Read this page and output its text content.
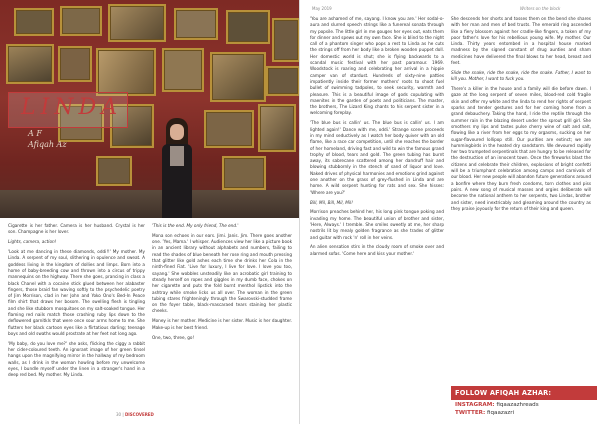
LINDA
A F
Afiqah Az

Cigarette is her father. Camera is her husband. Crystal is her son. Champagne is her lover.

Lights, camera, action!

'Look at me dancing in these diamonds, oddi!!' My mother. My Linda. A serpent of my soul, slithering in opulence and sweat. A goddess living in the kingdom of dollies and limps. Born into a home of baby-breeding cow and thrown into a circus of trippy mannequins on the highway. There she goes, prancing in class a black Chanel with a cocaine stick glued between her alabaster fingers, those braid fan waving softly to the psychedelic poetry of Jim Morrison, clad in her John and Yoko Ono's Bed-In Peace film shirt that draws her bosom. The swelling flesh is tingling and she like stubborn mosquitoes on my salt-soaked tongue. Her flaming red nails match those crashing ruby lips down to the deflowered garnitkls that were once sour arms home to me. She flutters her black cartoon eyes like a flirtatious darling; teenage boys and old swaths would prostrate at her feet not long ago.

'My baby, do you love me?' she asks, flicking the ciggy a rabbit her cider-coloured teeth. An ignorant image of her green tinsel hangs upon the magnifying mirror in the hallway of my bedroom walls, as I drink in the woman howling before my unwelcome eyes, I bundle myself under the linen in a stranger's hand in a deep red bed. My mother. My Linda.

'This is the end. My only friend, The end.'

Mona son echoes in our ears. Jimi. Janis. Jim. There goes another one. 'Yes, Mama.' I whisper. Audiences view her like a picture book in an ancient library without alphabets and numbers, failing to read the shades of blue beneath her rose ring and mouth pressing that glitter like gold ashes each time she drinks her Cola in the ninth-fined Fiat. 'Live for luxury, I live for love. I love you too, sayang.' She wobbles unsteadily like an acrobatic girl training to steady herself on ropes and giggles in my dumb face, chokes on her cigarette and puts the fold burnt menthol lipstick into the ashtray while smoke licks us all over. The woman in the green tubing stares frighteningly through the Swarovski-studded frame on the foyer table, black-mascaraed tears staining her plastic cheeks.

Money is her mother. Medicine is her sister. Music is her daughter. Make-up is her best friend.

One, two, three, go!

30 | DISCOVERED
May 2019	Writers on the block

'You are ashamed of me, sayang. I know you are.' Her sodal-o-aura and slurred speech strings like a funereal sonata through my popsile. The little girl in me gouges her eyes out, eats them for dinner and spews out my own face. She is blind to the night call of a phantom singer who pops a rest to Linda as he cuts the strings off from her body like a broken wooden puppet doll. Her domestic world is shut; she is flying backwards to a scandal music festival with her past paramour. 1969. Woodstock is roaring and celebrating her arrival in a hippie camper van of stardust. Hundreds of sixty-nine patties impatiently inside their former mothers' roots to shoot fuel bullet of swimming tadpoles, to seek security, warmth and pleasure. This is a beautiful image of gods copulating with maenites in the garden of poets and politicians. The master, the brothers, The Lizard King chants to his serpent sister in a welcoming foreplay.

'The blue bus is callin' us. The blue bus is callin' us. I am lighted again!' Dance with me, oddi.' Strange scene proceeds in my mind seductively as I watch her body quiver with an old flame, like a race car competition, until she reaches the border of her homeland, driving fast and wild to win the famous grand trophy of blood, tears and gold. The green tubing has burnt away, its sabrecane scattered among her dandruff hair and blowing stubbornly in the stench of sand of liquor and love. Naked drives of physical harmonies and emotions grind against one another on the grass of grey-flushed in Linda and are home. A wild serpent hunting for rats and sex. She hisses: 'Where are you?'

Bill, Mil, Bill, Mil, Mil!

Morrison preaches behind her, his long pink tongue poking and invading my home. The beautiful union of brother and sister, 'Here, Always.' I tremble. She smiles sweetly at me, her sharp nostrils lit by mealy golden fragrance as she trades of glitter and guitar with rock 'n' roll in her veins.

An alien sensation stirs in the cloudy room of smoke over and alarmed sofas. 'Come here and kiss your mother.'

She descends her shorts and tosses them on the bend she shares with her man and men of bed trusts. The emerald ring ascended like a fiery blossom against her cradle-like fingers, a token of my poor father's love for his rebellious young wife. My mother. Our Linda. Thirty years entombed in a hospital house marked madness by the signed constant of drug aunties and sham medicines have delivered the final blows to her head, breast and feet.

Slide the snake, ride the snake, ride the snake. Father, I want to kill you. Mother, I want to fuck you.

There's a killer in the house and a family will die before dawn. I gaze at the long serpent of seven miles, blood-red cold fragile skin and offer my white and the linda to rend her rights of serpent sparks and tender gestures and for her coming home from a grand debauchery. Taking the hand, I ride the reptile through the summer rain in the blazing desert under the sprout grill girl. She smothers my lips and tastes pulse cherry wine of salt and salt, flowing like a river from her eggs to my orgasms, sucking on her sugar-flavoured lollipop still. Our purities are extinct; we are hummingbirds in the heated dry sandstorm. We devoured rapidly her two trumpeted serpentinals that are hungry to be released for the destruction of an innocent town. Once the fireworks blast the citizens and celebrate their children, explosions of bright confetti will be a triumphant celebration among camps and carnivals of our blood. Her new people will abandon future generations around a bonfire where they burn fresh condoms, torn clothes and piss pairs. A new song of musical masses and orgies deliberate will become the national anthem to her serpents, two Lindas, brother and sister, need inextricably and gleaming around the country as they praise joyously for the return of their king and queen.

FOLLOW AFIQAH AZHAR:
INSTAGRAM: fiqaazazhreads
TWITTER: fiqaazazri
